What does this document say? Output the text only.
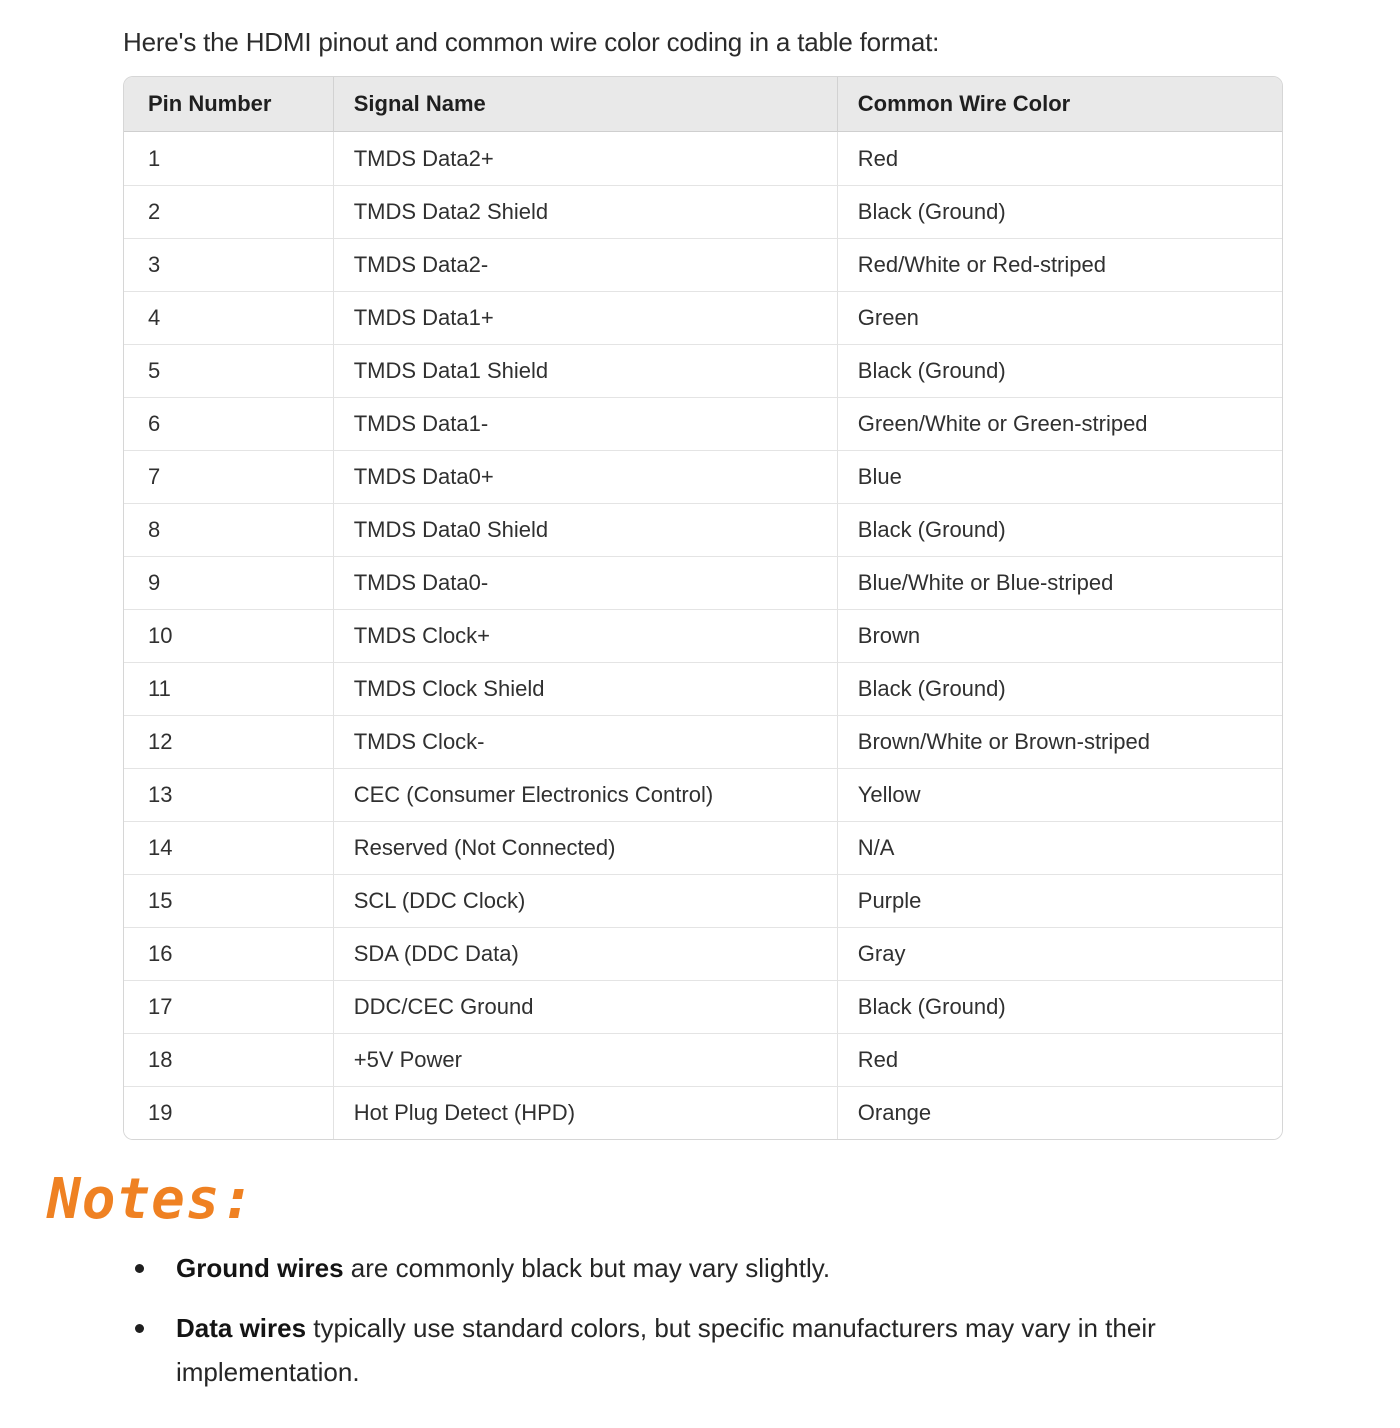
Here's the HDMI pinout and common wire color coding in a table format:

Pin Number	Signal Name	Common Wire Color
1	TMDS Data2+	Red
2	TMDS Data2 Shield	Black (Ground)
3	TMDS Data2-	Red/White or Red-striped
4	TMDS Data1+	Green
5	TMDS Data1 Shield	Black (Ground)
6	TMDS Data1-	Green/White or Green-striped
7	TMDS Data0+	Blue
8	TMDS Data0 Shield	Black (Ground)
9	TMDS Data0-	Blue/White or Blue-striped
10	TMDS Clock+	Brown
11	TMDS Clock Shield	Black (Ground)
12	TMDS Clock-	Brown/White or Brown-striped
13	CEC (Consumer Electronics Control)	Yellow
14	Reserved (Not Connected)	N/A
15	SCL (DDC Clock)	Purple
16	SDA (DDC Data)	Gray
17	DDC/CEC Ground	Black (Ground)
18	+5V Power	Red
19	Hot Plug Detect (HPD)	Orange
Notes:
Ground wires are commonly black but may vary slightly.
Data wires typically use standard colors, but specific manufacturers may vary in their implementation.
